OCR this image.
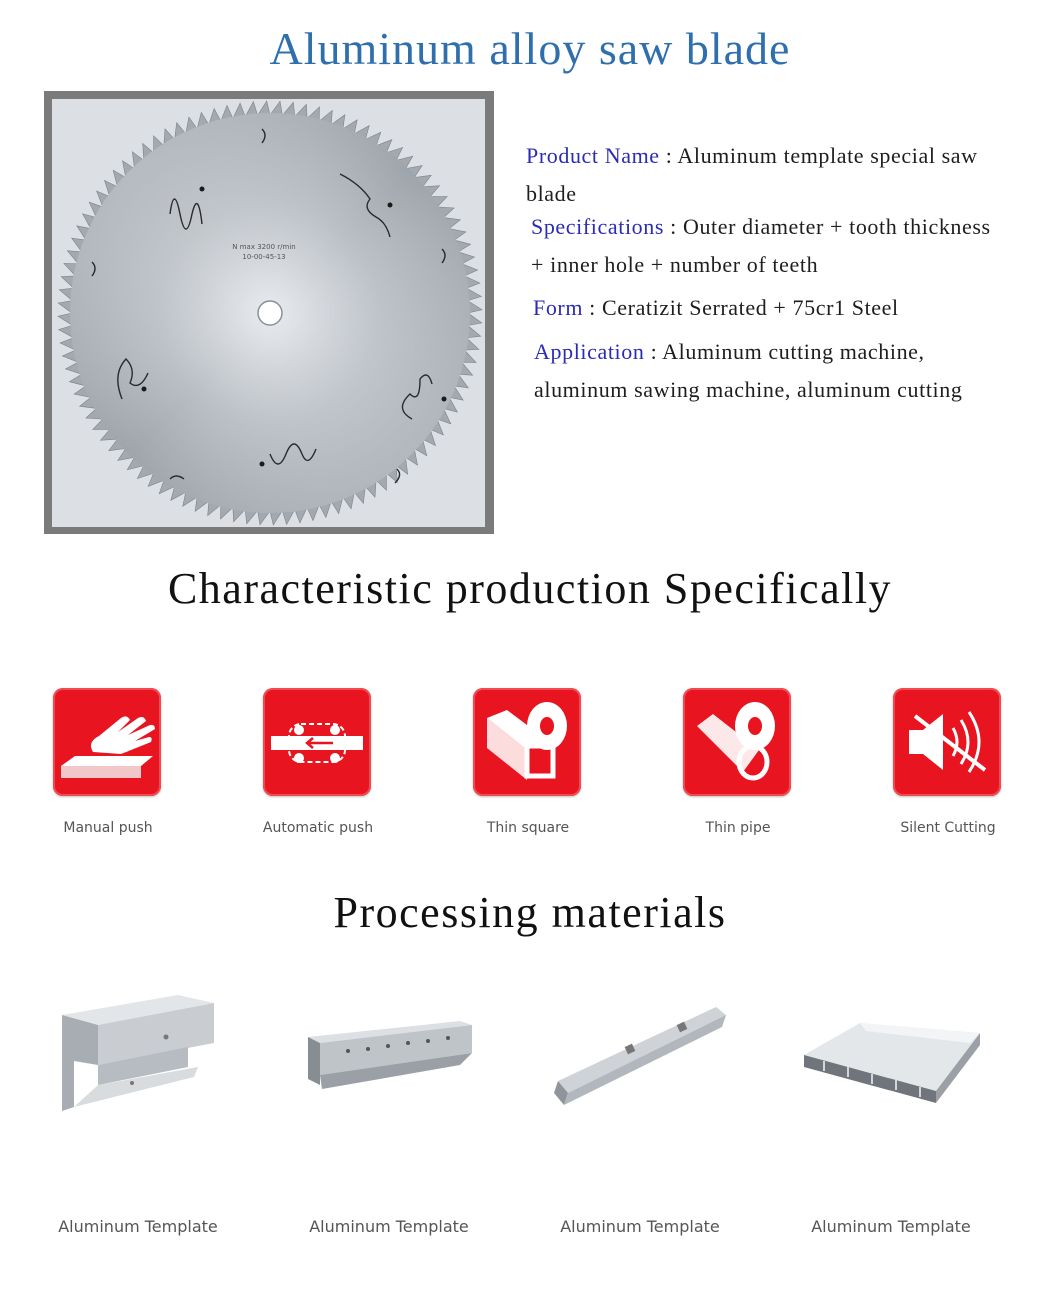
Aluminum alloy saw blade
N max 3200 r/min
10-00-45-13
Product Name : Aluminum template special saw blade
Specifications : Outer diameter + tooth thickness + inner hole + number of teeth
Form : Ceratizit Serrated + 75cr1 Steel
Application : Aluminum cutting machine, aluminum sawing machine, aluminum cutting
Characteristic production Specifically
Manual push	Automatic push	Thin square	Thin pipe	Silent Cutting
Processing materials
Aluminum Template	Aluminum Template	Aluminum Template	Aluminum Template
